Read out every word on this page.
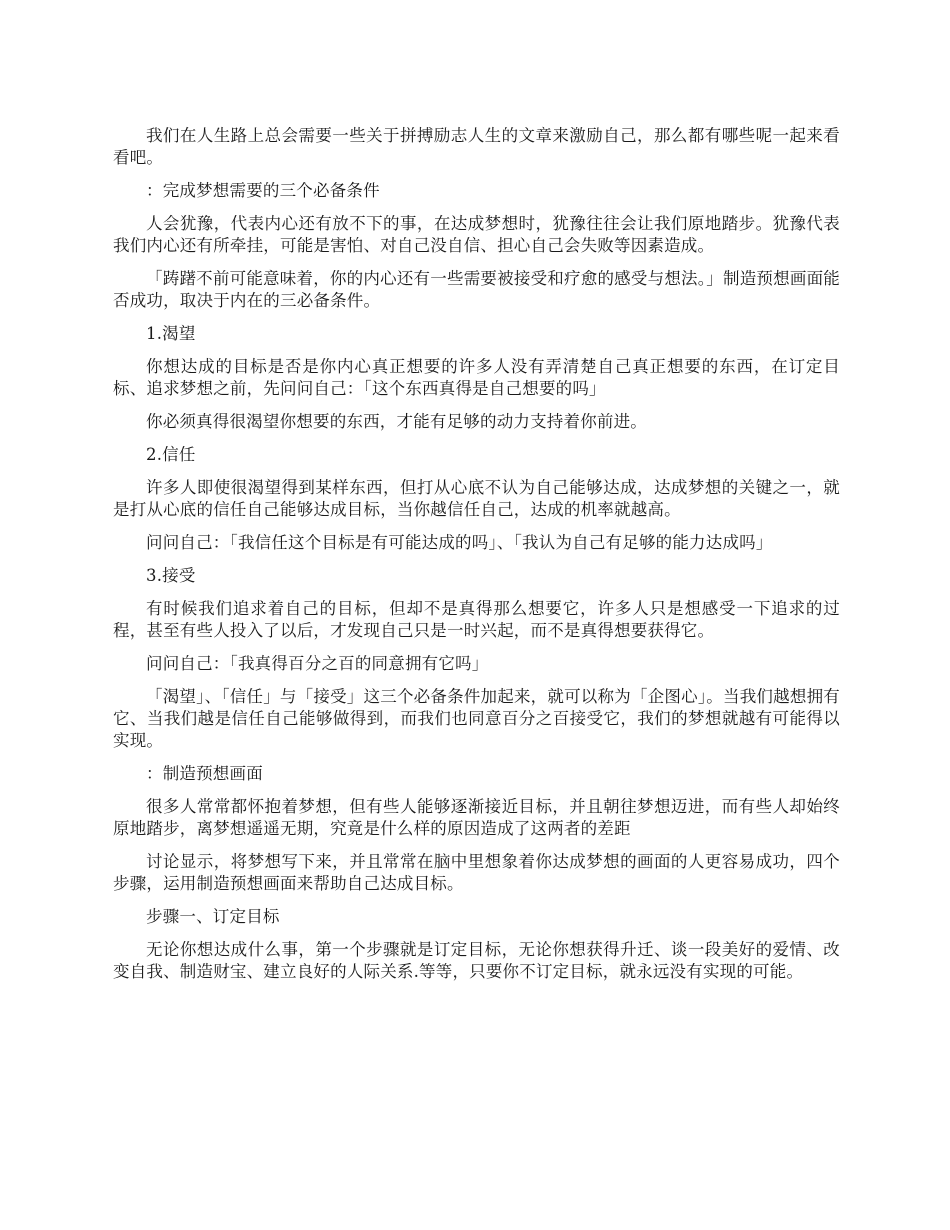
我们在人生路上总会需要一些关于拼搏励志人生的文章来激励自己，那么都有哪些呢一起来看看吧。

：完成梦想需要的三个必备条件

人会犹豫，代表内心还有放不下的事，在达成梦想时，犹豫往往会让我们原地踏步。犹豫代表我们内心还有所牵挂，可能是害怕、对自己没自信、担心自己会失败等因素造成。

「踌躇不前可能意味着，你的内心还有一些需要被接受和疗愈的感受与想法。」制造预想画面能否成功，取决于内在的三必备条件。

1.渴望

你想达成的目标是否是你内心真正想要的许多人没有弄清楚自己真正想要的东西，在订定目标、追求梦想之前，先问问自己：「这个东西真得是自己想要的吗」

你必须真得很渴望你想要的东西，才能有足够的动力支持着你前进。

2.信任

许多人即使很渴望得到某样东西，但打从心底不认为自己能够达成，达成梦想的关键之一，就是打从心底的信任自己能够达成目标，当你越信任自己，达成的机率就越高。

问问自己：「我信任这个目标是有可能达成的吗」、「我认为自己有足够的能力达成吗」

3.接受

有时候我们追求着自己的目标，但却不是真得那么想要它，许多人只是想感受一下追求的过程，甚至有些人投入了以后，才发现自己只是一时兴起，而不是真得想要获得它。

问问自己：「我真得百分之百的同意拥有它吗」

「渴望」、「信任」与「接受」这三个必备条件加起来，就可以称为「企图心」。当我们越想拥有它、当我们越是信任自己能够做得到，而我们也同意百分之百接受它，我们的梦想就越有可能得以实现。

：制造预想画面

很多人常常都怀抱着梦想，但有些人能够逐渐接近目标，并且朝往梦想迈进，而有些人却始终原地踏步，离梦想遥遥无期，究竟是什么样的原因造成了这两者的差距

讨论显示，将梦想写下来，并且常常在脑中里想象着你达成梦想的画面的人更容易成功，四个步骤，运用制造预想画面来帮助自己达成目标。

步骤一、订定目标

无论你想达成什么事，第一个步骤就是订定目标，无论你想获得升迁、谈一段美好的爱情、改变自我、制造财宝、建立良好的人际关系.等等，只要你不订定目标，就永远没有实现的可能。
